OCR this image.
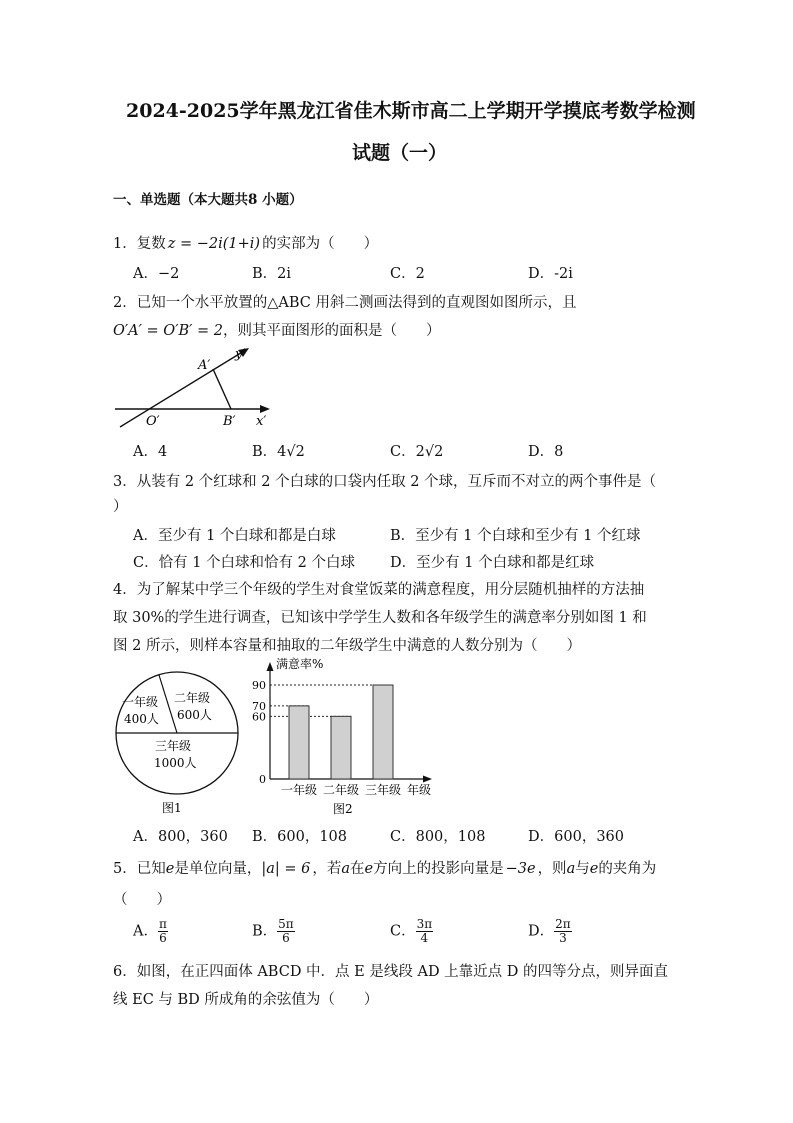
2024-2025学年黑龙江省佳木斯市高二上学期开学摸底考数学检测
试题（一）
一、单选题（本大题共8 小题）
1．复数 z = −2i(1+i) 的实部为（　　）
A．−2	B．2i	C．2	D．-2i
2．已知一个水平放置的△ABC 用斜二测画法得到的直观图如图所示，且
O′A′ = O′B′ = 2，则其平面图形的面积是（　　）
A′
y′
O′	B′ x′
A．4	B．4√2	C．2√2	D．8
3．从装有 2 个红球和 2 个白球的口袋内任取 2 个球，互斥而不对立的两个事件是（
）
A．至少有 1 个白球和都是白球	B．至少有 1 个白球和至少有 1 个红球
C．恰有 1 个白球和恰有 2 个白球 D．至少有 1 个白球和都是红球
4．为了解某中学三个年级的学生对食堂饭菜的满意程度，用分层随机抽样的方法抽
取 30%的学生进行调查，已知该中学学生人数和各年级学生的满意率分别如图 1 和
图 2 所示，则样本容量和抽取的二年级学生中满意的人数分别为（　　）
一年级
400人
二年级
600人
三年级
1000人
图1
满意率%
年级
图2
0
60
70
90
一年级 二年级 三年级
A．800，360 B．600，108	C．800，108	D．600，360
5．已知e是单位向量，|a| = 6 ，若a在e方向上的投影向量是 −3e ，则a与e的夹角为
（　　）
A． $\frac{\pi}{6}$	B． $\frac{5\pi}{6}$	C． $\frac{3\pi}{4}$	D． $\frac{2\pi}{3}$
6．如图，在正四面体 ABCD 中．点 E 是线段 AD 上靠近点 D 的四等分点，则异面直
线 EC 与 BD 所成角的余弦值为（　　）
